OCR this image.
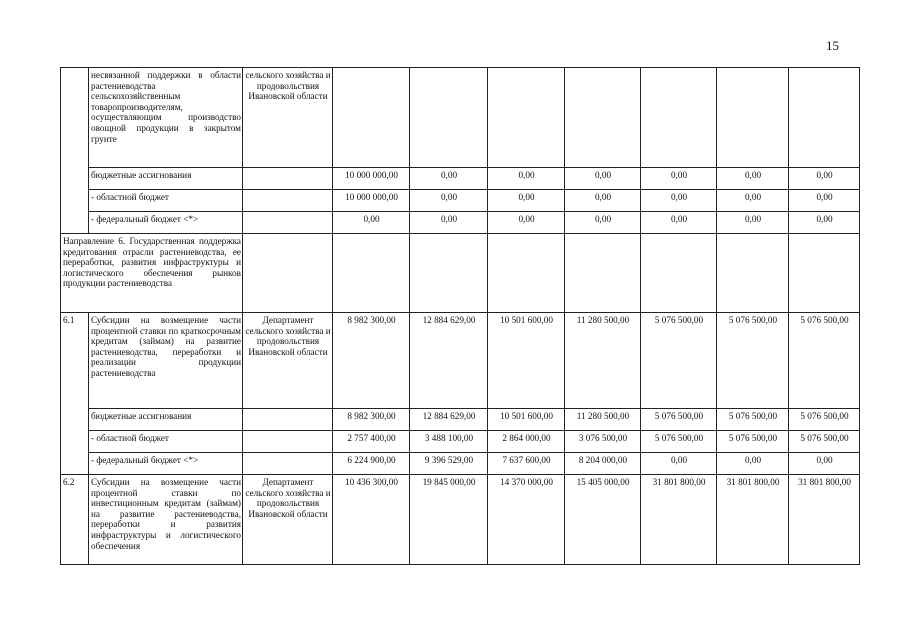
15
	несвязанной поддержки в области растениеводства сельскохозяйственным товаропроизводителям, осуществляющим производство овощной продукции в закрытом грунте	сельского хозяйства и продовольствия Ивановской области							
	бюджетные ассигнования		10 000 000,00	0,00	0,00	0,00	0,00	0,00	0,00
	- областной бюджет		10 000 000,00	0,00	0,00	0,00	0,00	0,00	0,00
	- федеральный бюджет <*>		0,00	0,00	0,00	0,00	0,00	0,00	0,00
Направление 6. Государственная поддержка кредитования отрасли растениеводства, ее переработки, развития инфраструктуры и логистического обеспечения рынков продукции растениеводства									
6.1	Субсидии на возмещение части процентной ставки по краткосрочным кредитам (займам) на развитие растениеводства, переработки и реализации продукции растениеводства	Департамент сельского хозяйства и продовольствия Ивановской области	8 982 300,00	12 884 629,00	10 501 600,00	11 280 500,00	5 076 500,00	5 076 500,00	5 076 500,00
	бюджетные ассигнования		8 982 300,00	12 884 629,00	10 501 600,00	11 280 500,00	5 076 500,00	5 076 500,00	5 076 500,00
	- областной бюджет		2 757 400,00	3 488 100,00	2 864 000,00	3 076 500,00	5 076 500,00	5 076 500,00	5 076 500,00
	- федеральный бюджет <*>		6 224 900,00	9 396 529,00	7 637 600,00	8 204 000,00	0,00	0,00	0,00
6.2	Субсидии на возмещение части процентной ставки по инвестиционным кредитам (займам) на развитие растениеводства, переработки и развития инфраструктуры и логистического обеспечения	Департамент сельского хозяйства и продовольствия Ивановской области	10 436 300,00	19 845 000,00	14 370 000,00	15 405 000,00	31 801 800,00	31 801 800,00	31 801 800,00
